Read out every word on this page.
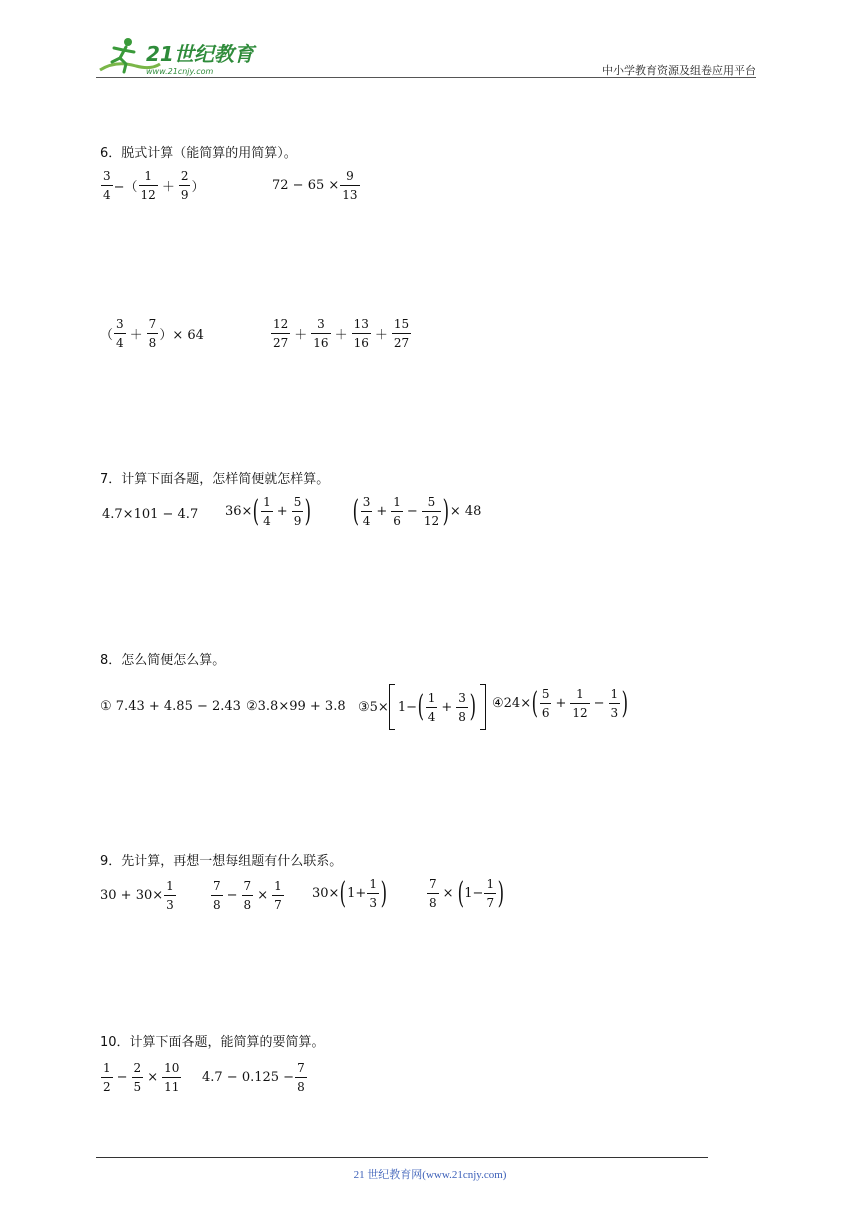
21世纪教育
www.21cnjy.com	中小学教育资源及组卷应用平台
6．脱式计算（能简算的用简算）。
$\frac{3}{4}$ −（ $\frac{1}{12} + \frac{2}{9}$ ）	$72 - 65 \times \frac{9}{13}$
（ $\frac{3}{4} + \frac{7}{8}$ ）× 64	$\frac{12}{27} + \frac{3}{16} + \frac{13}{16} + \frac{15}{27}$
7．计算下面各题，怎样简便就怎样算。
4.7×101 − 4.7 36× ( $\frac{1}{4} + \frac{5}{9}$ ) ( $\frac{3}{4} + \frac{1}{6} - \frac{5}{12}$ ) × 48
8．怎么简便怎么算。
① 7.43 + 4.85 − 2.43 ②3.8×99 + 3.8 ③5× 1− ( $\frac{1}{4} + \frac{3}{8}$ ) ④24× ( $\frac{5}{6} + \frac{1}{12} - \frac{1}{3}$ )
9．先计算，再想一想每组题有什么联系。
$30 + 30\times \frac{1}{3}$	$\frac{7}{8} - \frac{7}{8} \times \frac{1}{7} 30\times$ ( $1+ \frac{1}{3}$ )	$\frac{7}{8}$ × ( $1- \frac{1}{7}$ )
10．计算下面各题，能简算的要简算。
$\frac{1}{2} - \frac{2}{5} \times \frac{10}{11} 4.7 - 0.125 - \frac{7}{8}$
21 世纪教育网(www.21cnjy.com)
